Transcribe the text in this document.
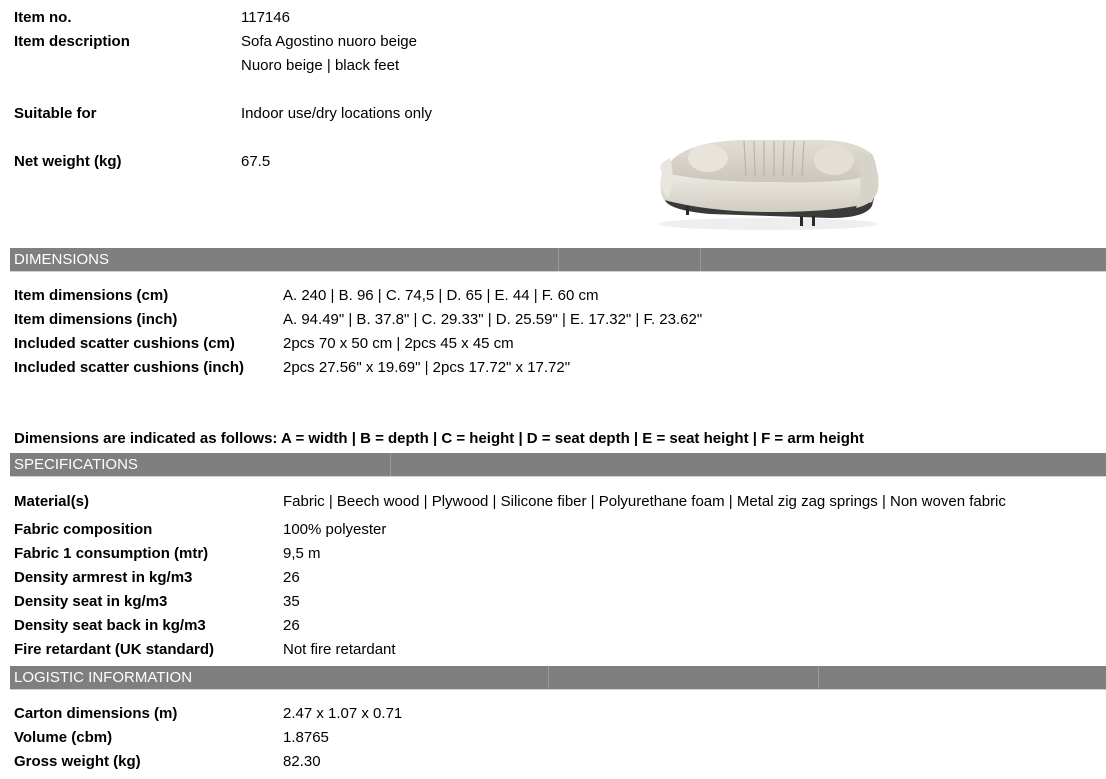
Item no.	117146
Item description	Sofa Agostino nuoro beige
Nuoro beige | black feet
Suitable for	Indoor use/dry locations only
Net weight (kg)	67.5
DIMENSIONS
Item dimensions (cm)	A. 240 | B. 96 | C. 74,5 | D. 65 | E. 44 | F. 60 cm
Item dimensions (inch)	A. 94.49" | B. 37.8" | C. 29.33" | D. 25.59" | E. 17.32" | F. 23.62"
Included scatter cushions (cm)	2pcs 70 x 50 cm | 2pcs 45 x 45 cm
Included scatter cushions (inch)	2pcs 27.56" x 19.69" | 2pcs 17.72" x 17.72"
Dimensions are indicated as follows: A = width | B = depth | C = height | D = seat depth | E = seat height | F = arm height
SPECIFICATIONS
Material(s)	Fabric | Beech wood | Plywood | Silicone fiber | Polyurethane foam | Metal zig zag springs | Non woven fabric
Fabric composition	100% polyester
Fabric 1 consumption (mtr)	9,5 m
Density armrest in kg/m3	26
Density seat in kg/m3	35
Density seat back in kg/m3	26
Fire retardant (UK standard)	Not fire retardant
LOGISTIC INFORMATION
Carton dimensions (m)	2.47 x 1.07 x 0.71
Volume (cbm)	1.8765
Gross weight (kg)	82.30
